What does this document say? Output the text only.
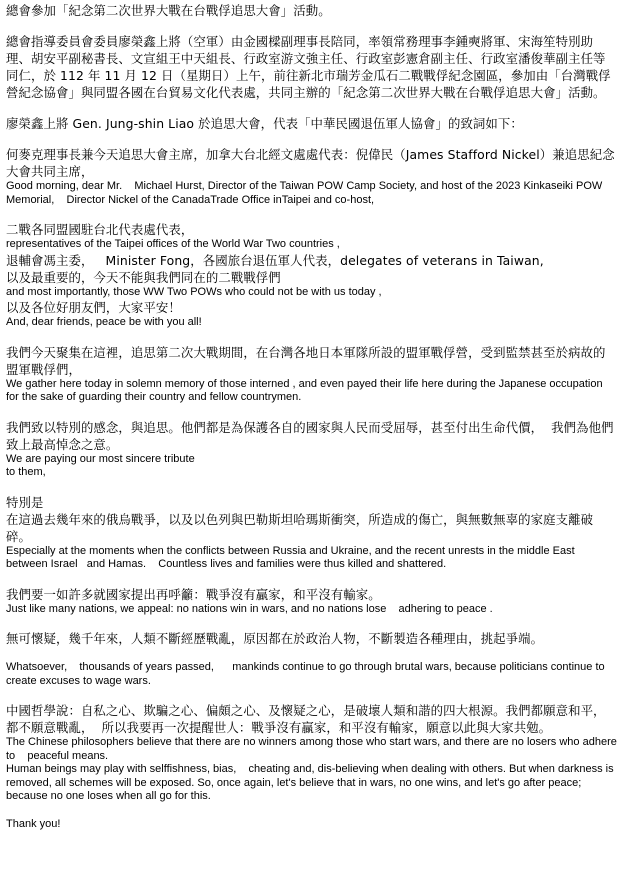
總會參加「紀念第二次世界大戰在台戰俘追思大會」活動。
總會指導委員會委員廖榮鑫上將（空軍）由金國樑副理事長陪同，率領常務理事李鍾奭將軍、宋海笙特別助理、胡安平副秘書長、文宣組王中天組長、行政室游文強主任、行政室彭憲倉副主任、行政室潘俊華副主任等同仁，於 112 年 11 月 12 日（星期日）上午，前往新北市瑞芳金瓜石二戰戰俘紀念園區，參加由「台灣戰俘營紀念協會」與同盟各國在台貿易文化代表處，共同主辦的「紀念第二次世界大戰在台戰俘追思大會」活動。
廖榮鑫上將 Gen. Jung-shin Liao 於追思大會，代表「中華民國退伍軍人協會」的致詞如下：
何麥克理事長兼今天追思大會主席，加拿大台北經文處處代表：倪偉民（James Stafford Nickel）兼追思紀念大會共同主席，
Good morning, dear Mr.    Michael Hurst, Director of the Taiwan POW Camp Society, and host of the 2023 Kinkaseiki POW Memorial,    Director Nickel of the CanadaTrade Office inTaipei and co-host,
二戰各同盟國駐台北代表處代表，
representatives of the Taipei offices of the World War Two countries ,
退輔會馮主委，   Minister Fong，各國旅台退伍軍人代表，delegates of veterans in Taiwan,
以及最重要的，今天不能與我們同在的二戰戰俘們
and most importantly, those WW Two POWs who could not be with us today ,
以及各位好朋友們，大家平安！
And, dear friends, peace be with you all!
我們今天聚集在這裡，追思第二次大戰期間，在台灣各地日本軍隊所設的盟軍戰俘營，受到監禁甚至於病故的盟軍戰俘們，
We gather here today in solemn memory of those interned , and even payed their life here during the Japanese occupation for the sake of guarding their country and fellow countrymen.
我們致以特別的感念，與追思。他們都是為保護各自的國家與人民而受屈辱，甚至付出生命代價，  我們為他們致上最高悼念之意。
We are paying our most sincere tribute
to them,
特別是
在這過去幾年來的俄烏戰爭，以及以色列與巴勒斯坦哈瑪斯衝突，所造成的傷亡，與無數無辜的家庭支離破碎。
Especially at the moments when the conflicts between Russia and Ukraine, and the recent unrests in the middle East between Israel   and Hamas.    Countless lives and families were thus killed and shattered.
我們要一如許多就國家提出再呼籲：戰爭沒有贏家，和平沒有輸家。
Just like many nations, we appeal: no nations win in wars, and no nations lose    adhering to peace .
無可懷疑，幾千年來，人類不斷經歷戰亂，原因都在於政治人物，不斷製造各種理由，挑起爭端。
Whatsoever,    thousands of years passed,      mankinds continue to go through brutal wars, because politicians continue to create excuses to wage wars.
中國哲學說：自私之心、欺騙之心、偏頗之心、及懷疑之心，是破壞人類和諧的四大根源。我們都願意和平，都不願意戰亂，  所以我要再一次提醒世人：戰爭沒有贏家，和平沒有輸家，願意以此與大家共勉。
The Chinese philosophers believe that there are no winners among those who start wars, and there are no losers who adhere to    peaceful means.
Human beings may play with selffishness, bias,    cheating and, dis-believing when dealing with others. But when darkness is removed, all schemes will be exposed. So, once again, let's believe that in wars, no one wins, and let's go after peace; because no one loses when all go for this.
Thank you!
